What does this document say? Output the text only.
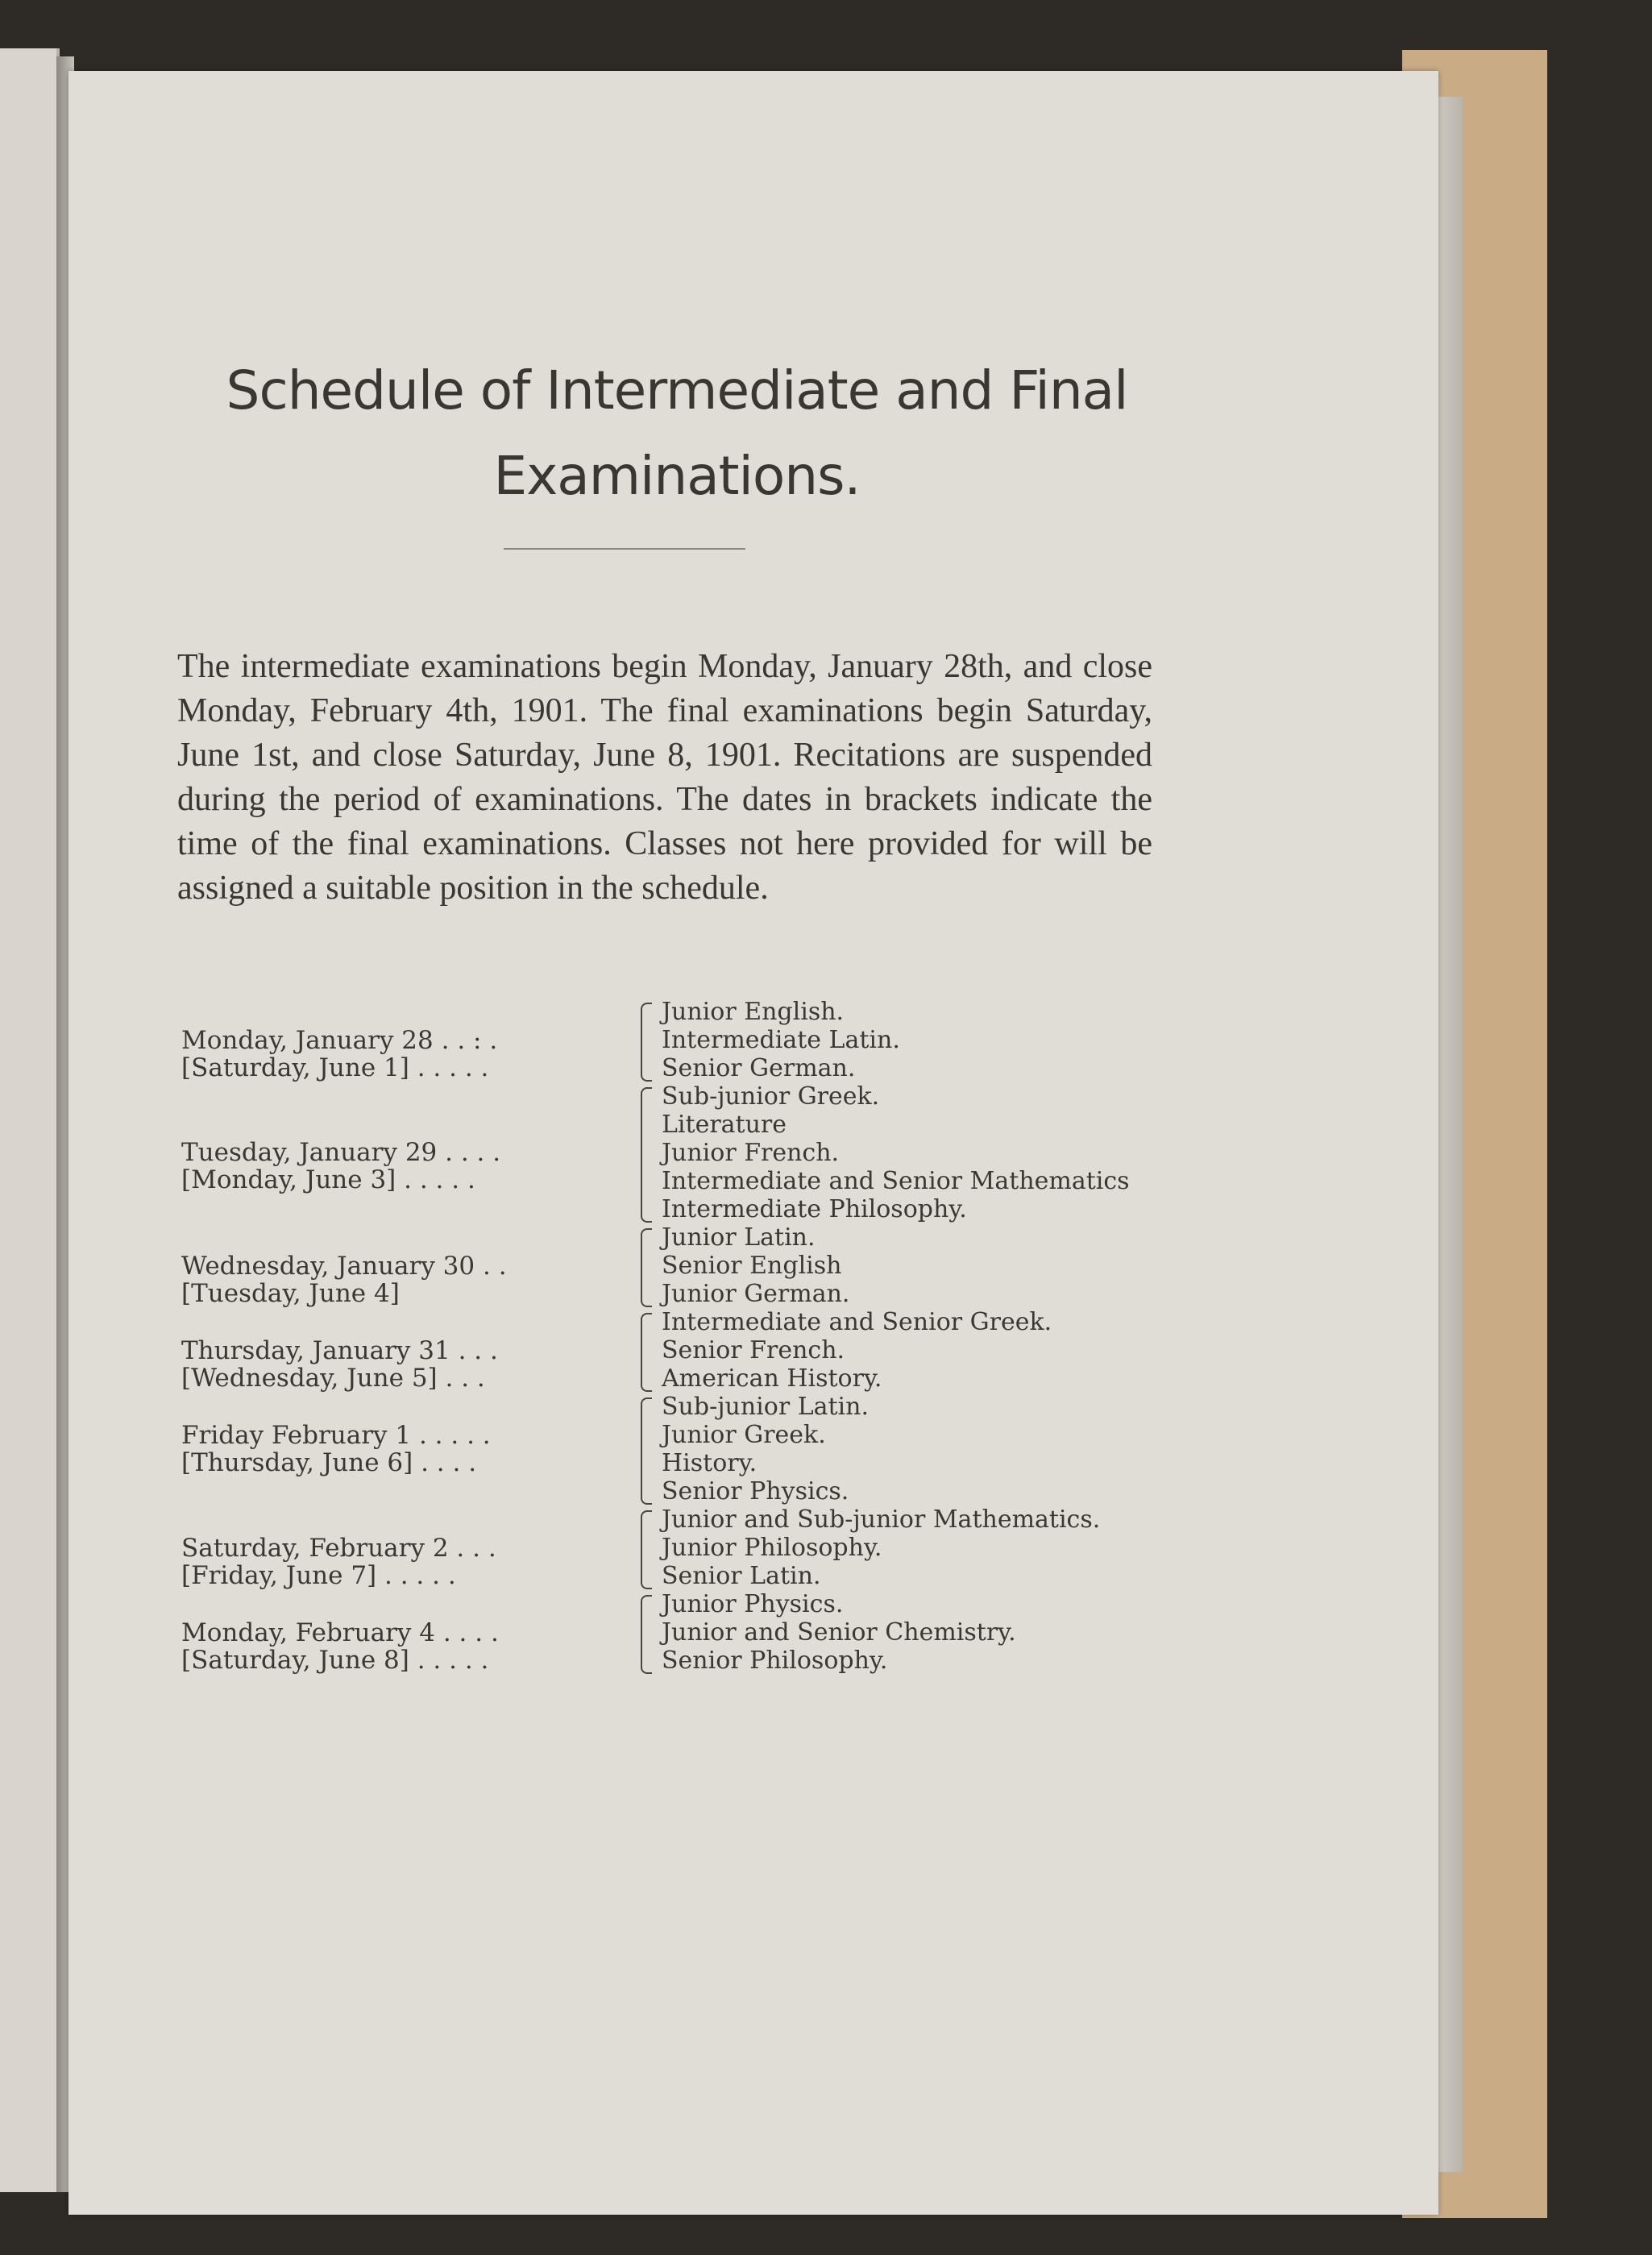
Schedule of Intermediate and Final Examinations.
The intermediate examinations begin Monday, January 28th, and close Monday, February 4th, 1901. The final examinations begin Saturday, June 1st, and close Saturday, June 8, 1901. Recitations are suspended during the period of examinations. The dates in brackets indicate the time of the final examinations. Classes not here provided for will be assigned a suitable position in the schedule.
Monday, January 28 . . : .
[Saturday, June 1] . . . . .
Junior English.
Intermediate Latin.
Senior German.
Tuesday, January 29 . . . .
[Monday, June 3] . . . . .
Sub-junior Greek.
Literature
Junior French.
Intermediate and Senior Mathematics
Intermediate Philosophy.
Wednesday, January 30 . .
[Tuesday, June 4]
Junior Latin.
Senior English
Junior German.
Thursday, January 31 . . .
[Wednesday, June 5] . . .
Intermediate and Senior Greek.
Senior French.
American History.
Friday February 1 . . . . .
[Thursday, June 6] . . . .
Sub-junior Latin.
Junior Greek.
History.
Senior Physics.
Saturday, February 2 . . .
[Friday, June 7] . . . . .
Junior and Sub-junior Mathematics.
Junior Philosophy.
Senior Latin.
Monday, February 4 . . . .
[Saturday, June 8] . . . . .
Junior Physics.
Junior and Senior Chemistry.
Senior Philosophy.
